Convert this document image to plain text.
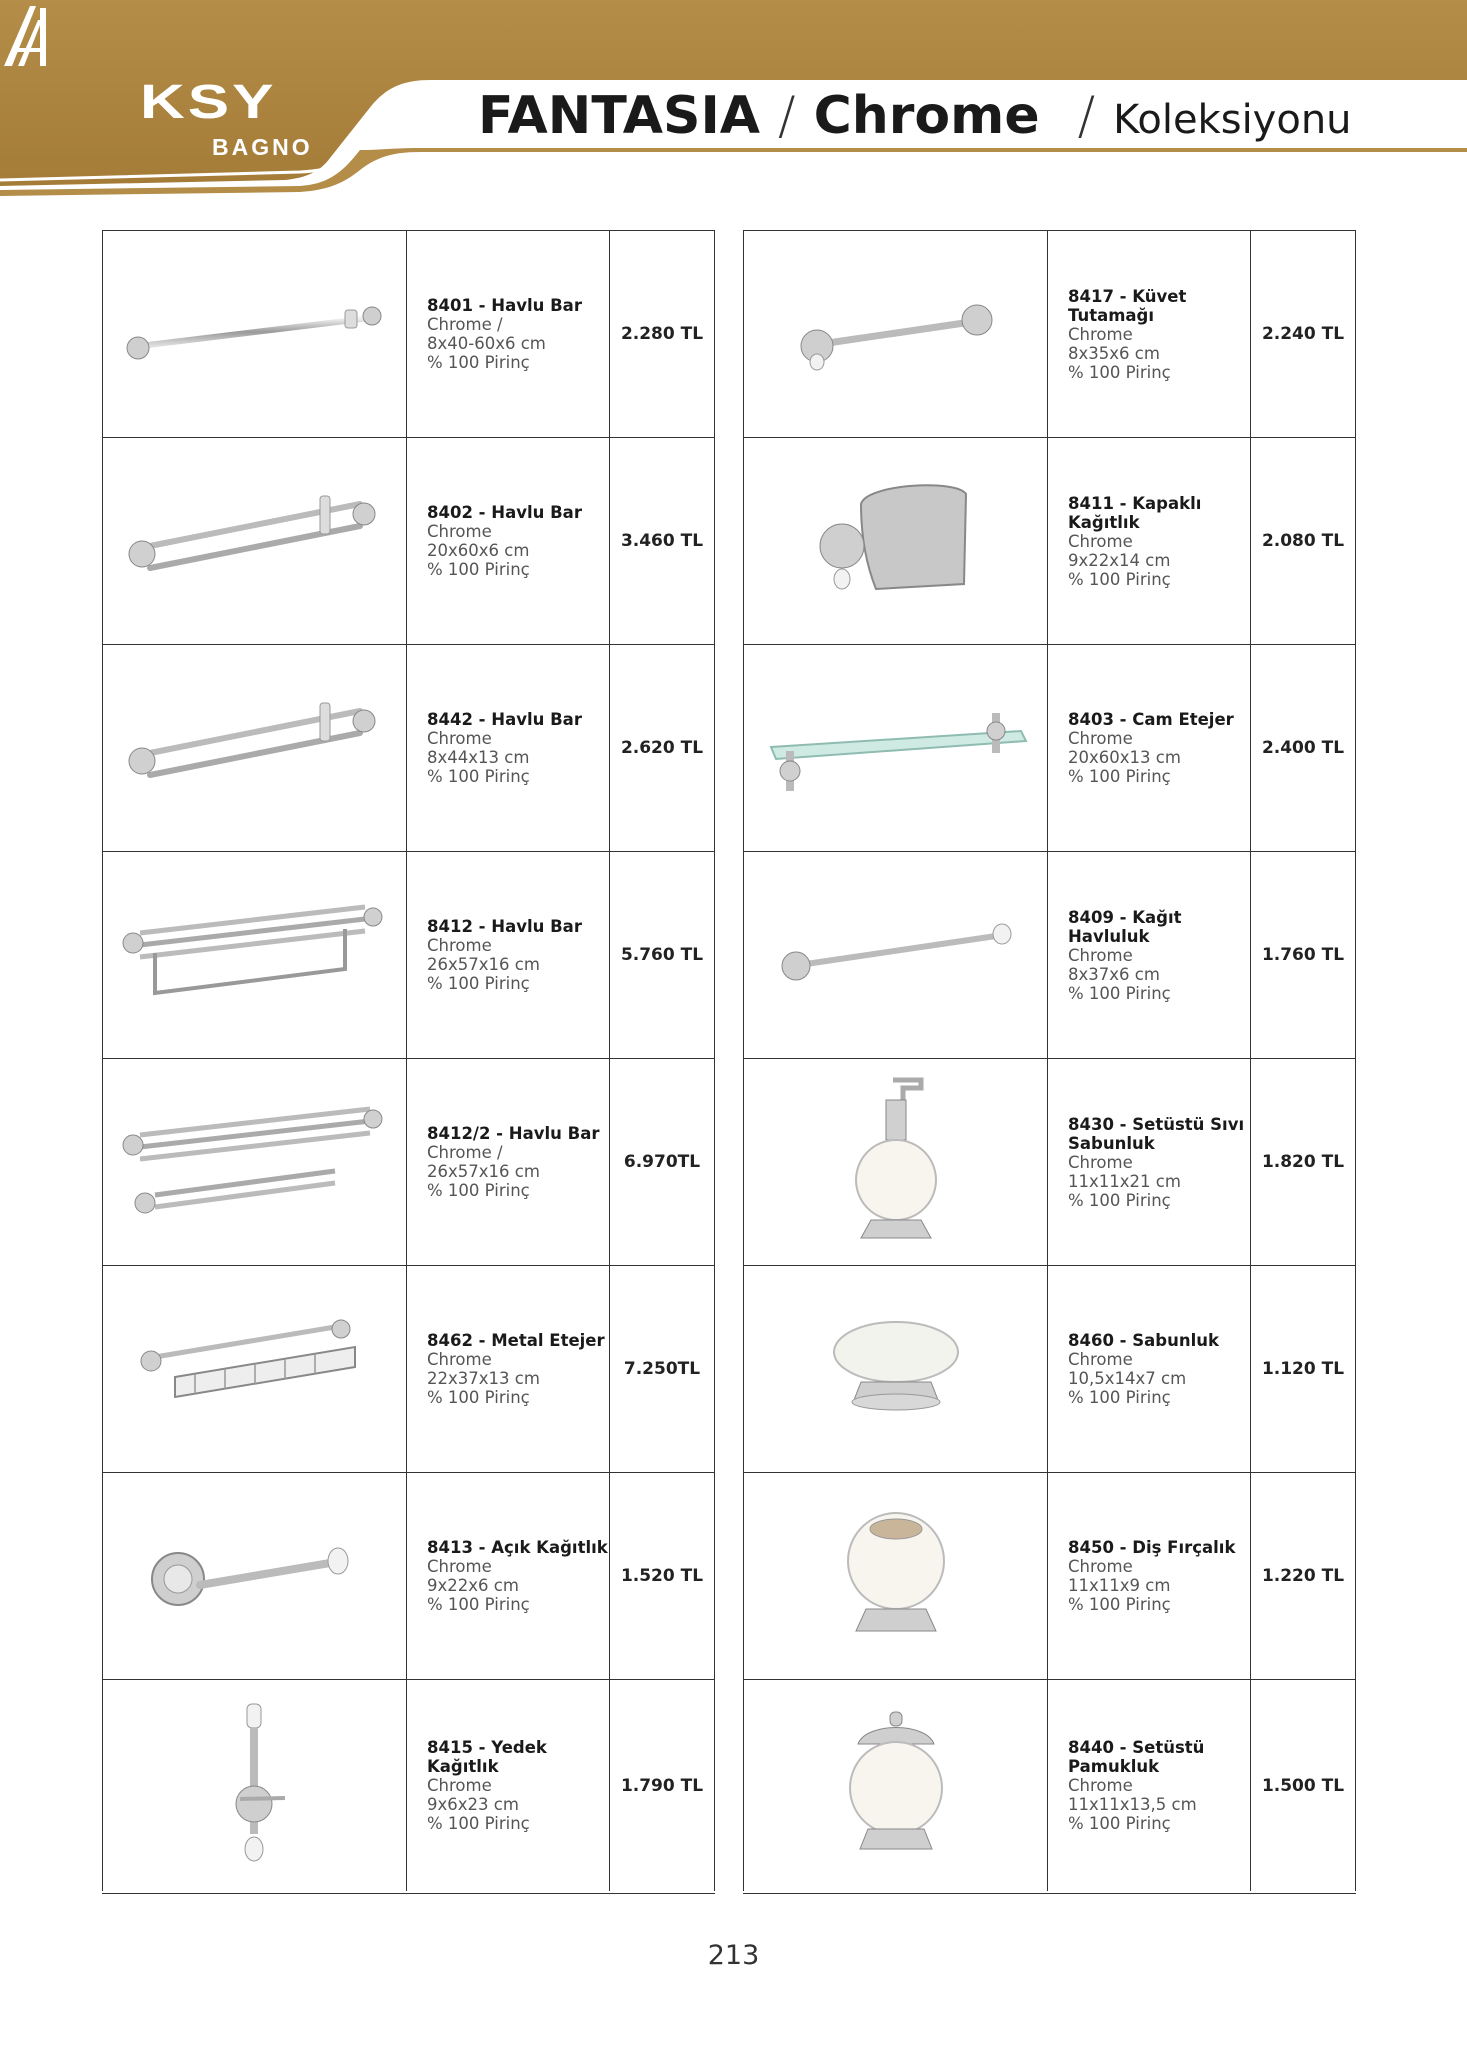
KSY
BAGNO
FANTASIA / Chrome / Koleksiyonu
8401 - Havlu Bar
Chrome /
8x40-60x6 cm
% 100 Pirinç
2.280 TL
8402 - Havlu Bar
Chrome
20x60x6 cm
% 100 Pirinç
3.460 TL
8442 - Havlu Bar
Chrome
8x44x13 cm
% 100 Pirinç
2.620 TL
8412 - Havlu Bar
Chrome
26x57x16 cm
% 100 Pirinç
5.760 TL
8412/2 - Havlu Bar
Chrome /
26x57x16 cm
% 100 Pirinç
6.970TL
8462 - Metal Etejer
Chrome
22x37x13 cm
% 100 Pirinç
7.250TL
8413 - Açık Kağıtlık
Chrome
9x22x6 cm
% 100 Pirinç
1.520 TL
8415 - Yedek Kağıtlık
Chrome
9x6x23 cm
% 100 Pirinç
1.790 TL
8417 - Küvet Tutamağı
Chrome
8x35x6 cm
% 100 Pirinç
2.240 TL
8411 - Kapaklı Kağıtlık
Chrome
9x22x14 cm
% 100 Pirinç
2.080 TL
8403 - Cam Etejer
Chrome
20x60x13 cm
% 100 Pirinç
2.400 TL
8409 - Kağıt Havluluk
Chrome
8x37x6 cm
% 100 Pirinç
1.760 TL
8430 - Setüstü Sıvı Sabunluk
Chrome
11x11x21 cm
% 100 Pirinç
1.820 TL
8460 - Sabunluk
Chrome
10,5x14x7 cm
% 100 Pirinç
1.120 TL
8450 - Diş Fırçalık
Chrome
11x11x9 cm
% 100 Pirinç
1.220 TL
8440 - Setüstü Pamukluk
Chrome
11x11x13,5 cm
% 100 Pirinç
1.500 TL
213
